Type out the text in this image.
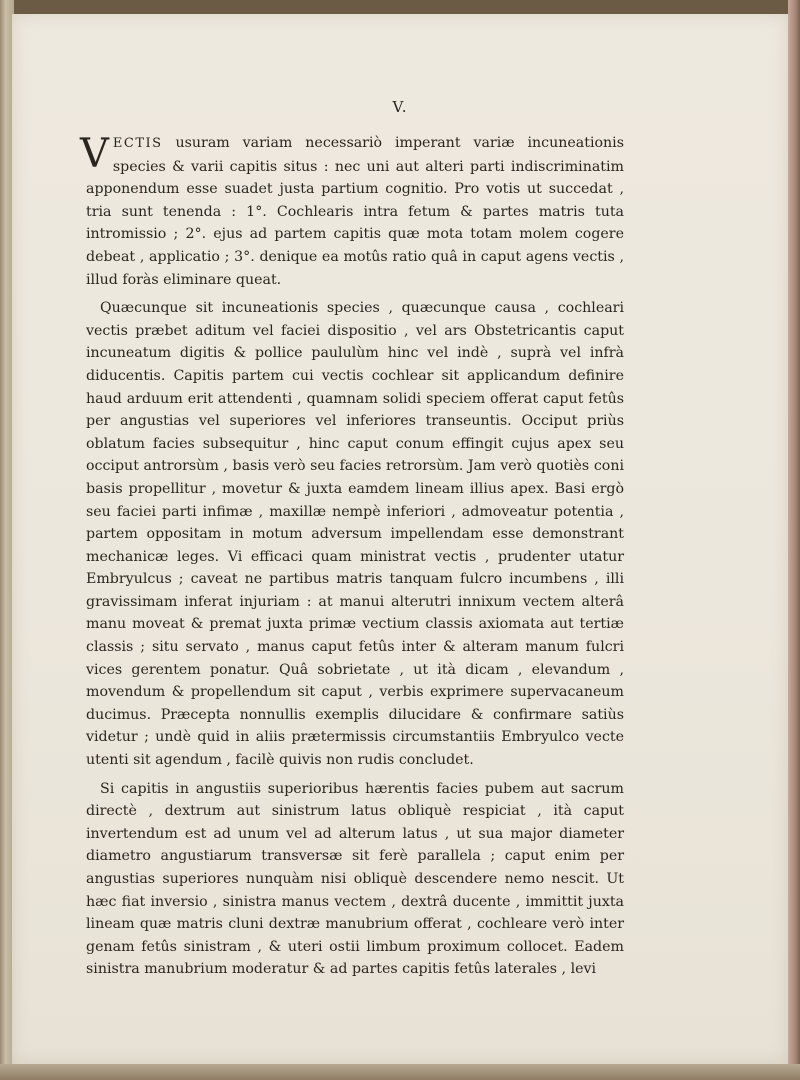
V.

VECTIS usuram variam necessariò imperant variæ incuneationis species & varii capitis situs : nec uni aut alteri parti indiscriminatim apponendum esse suadet justa partium cognitio. Pro votis ut succedat , tria sunt tenenda : 1°. Cochlearis intra fetum & partes matris tuta intromissio ; 2°. ejus ad partem capitis quæ mota totam molem cogere debeat , applicatio ; 3°. denique ea motûs ratio quâ in caput agens vectis , illud foràs eliminare queat.

Quæcunque sit incuneationis species , quæcunque causa , cochleari vectis præbet aditum vel faciei dispositio , vel ars Obstetricantis caput incuneatum digitis & pollice paululùm hinc vel indè , suprà vel infrà diducentis. Capitis partem cui vectis cochlear sit applicandum definire haud arduum erit attendenti , quamnam solidi speciem offerat caput fetûs per angustias vel superiores vel inferiores transeuntis. Occiput priùs oblatum facies subsequitur , hinc caput conum effingit cujus apex seu occiput antrorsùm , basis verò seu facies retrorsùm. Jam verò quotiès coni basis propellitur , movetur & juxta eamdem lineam illius apex. Basi ergò seu faciei parti infimæ , maxillæ nempè inferiori , admoveatur potentia , partem oppositam in motum adversum impellendam esse demonstrant mechanicæ leges. Vi efficaci quam ministrat vectis , prudenter utatur Embryulcus ; caveat ne partibus matris tanquam fulcro incumbens , illi gravissimam inferat injuriam : at manui alterutri innixum vectem alterâ manu moveat & premat juxta primæ vectium classis axiomata aut tertiæ classis ; situ servato , manus caput fetûs inter & alteram manum fulcri vices gerentem ponatur. Quâ sobrietate , ut ità dicam , elevandum , movendum & propellendum sit caput , verbis exprimere supervacaneum ducimus. Præcepta nonnullis exemplis dilucidare & confirmare satiùs videtur ; undè quid in aliis prætermissis circumstantiis Embryulco vecte utenti sit agendum , facilè quivis non rudis concludet.

Si capitis in angustiis superioribus hærentis facies pubem aut sacrum directè , dextrum aut sinistrum latus obliquè respiciat , ità caput invertendum est ad unum vel ad alterum latus , ut sua major diameter diametro angustiarum transversæ sit ferè parallela ; caput enim per angustias superiores nunquàm nisi obliquè descendere nemo nescit. Ut hæc fiat inversio , sinistra manus vectem , dextrâ ducente , immittit juxta lineam quæ matris cluni dextræ manubrium offerat , cochleare verò inter genam fetûs sinistram , & uteri ostii limbum proximum collocet. Eadem sinistra manubrium moderatur & ad partes capitis fetûs laterales , levi
